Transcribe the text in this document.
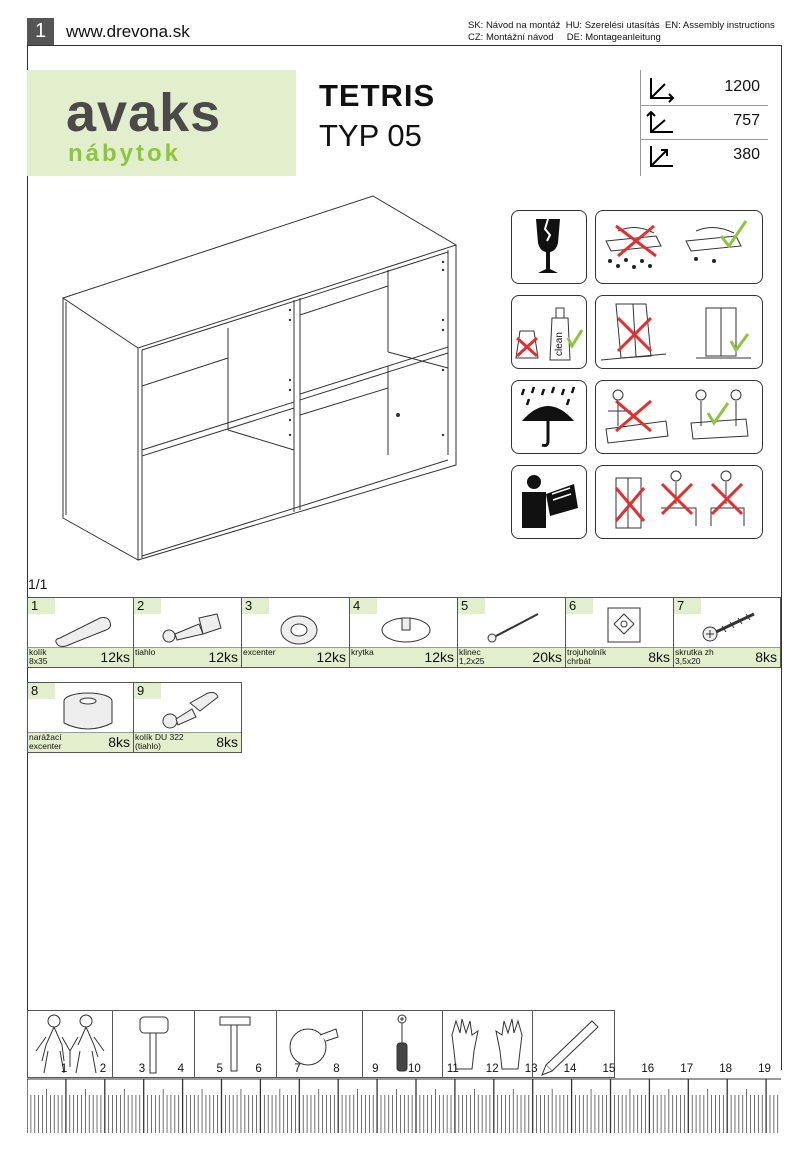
1	www.drevona.sk	SK: Návod na montáž HU: Szerelési utasítás EN: Assembly instructions
CZ: Montážní návod DE: Montageanleitung
avaks
nábytok
TETRIS
TYP 05
1200
757
380
clean
1/1
1
kolík
8x35	12ks
2
tiahlo	12ks
3
excenter	12ks
4
krytka	12ks
5
klinec
1,2x25	20ks
6
trojuholník
chrbát	8ks
7
skrutka zh
3,5x20	8ks
8
narážací
excenter	8ks
9
kolík DU 322
(tiahlo)	8ks
1	2	3	4	5	6	7	8	9	10 11 12 13 14 15 16 17 18 19
